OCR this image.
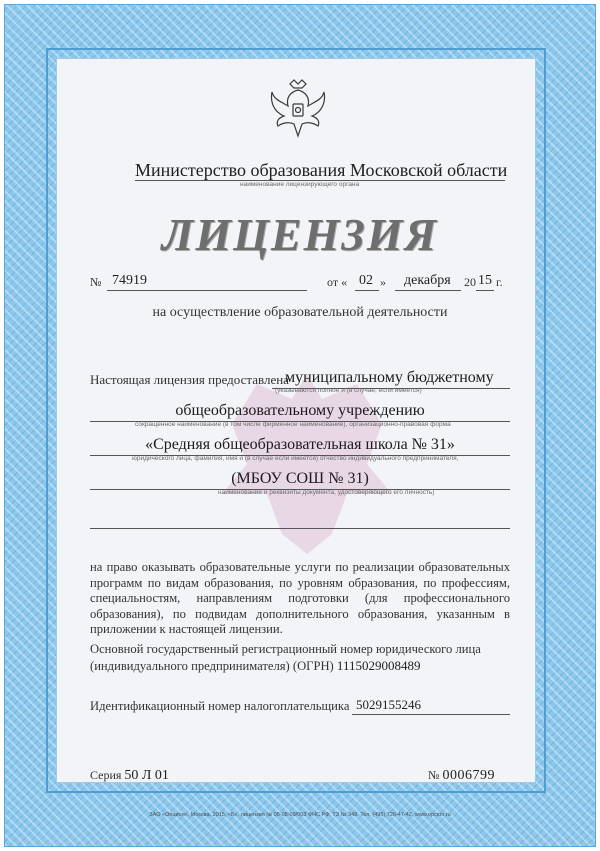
Министерство образования Московской области
наименование лицензирующего органа
ЛИЦЕНЗИЯ
№ 74919	от « 02 » декабря 20 15 г.
на осуществление образовательной деятельности
Настоящая лицензия предоставлена
муниципальному бюджетному
(указываются полное и (в случае, если имеется)
общеобразовательному учреждению
сокращенное наименование (в том числе фирменное наименование), организационно-правовая форма
«Средняя общеобразовательная школа № 31»
юридического лица, фамилия, имя и (в случае если имеется) отчество индивидуального предпринимателя,
(МБОУ СОШ № 31)
наименование и реквизиты документа, удостоверяющего его личность)
на право оказывать образовательные услуги по реализации образовательных программ по видам образования, по уровням образования, по профессиям, специальностям, направлениям подготовки (для профессионального образования), по подвидам дополнительного образования, указанным в приложении к настоящей лицензии.
Основной государственный регистрационный номер юридического лица (индивидуального предпринимателя) (ОГРН) 1115029008489
Идентификационный номер налогоплательщика 5029155246
Серия 50 Л 01	№ 0006799
ЗАО «Опцион», Москва, 2015, «Б», лицензия № 05-05-09/003 ФНС РФ, ТЗ № 349. Тел. (495) 726-47-42, www.opcion.ru
